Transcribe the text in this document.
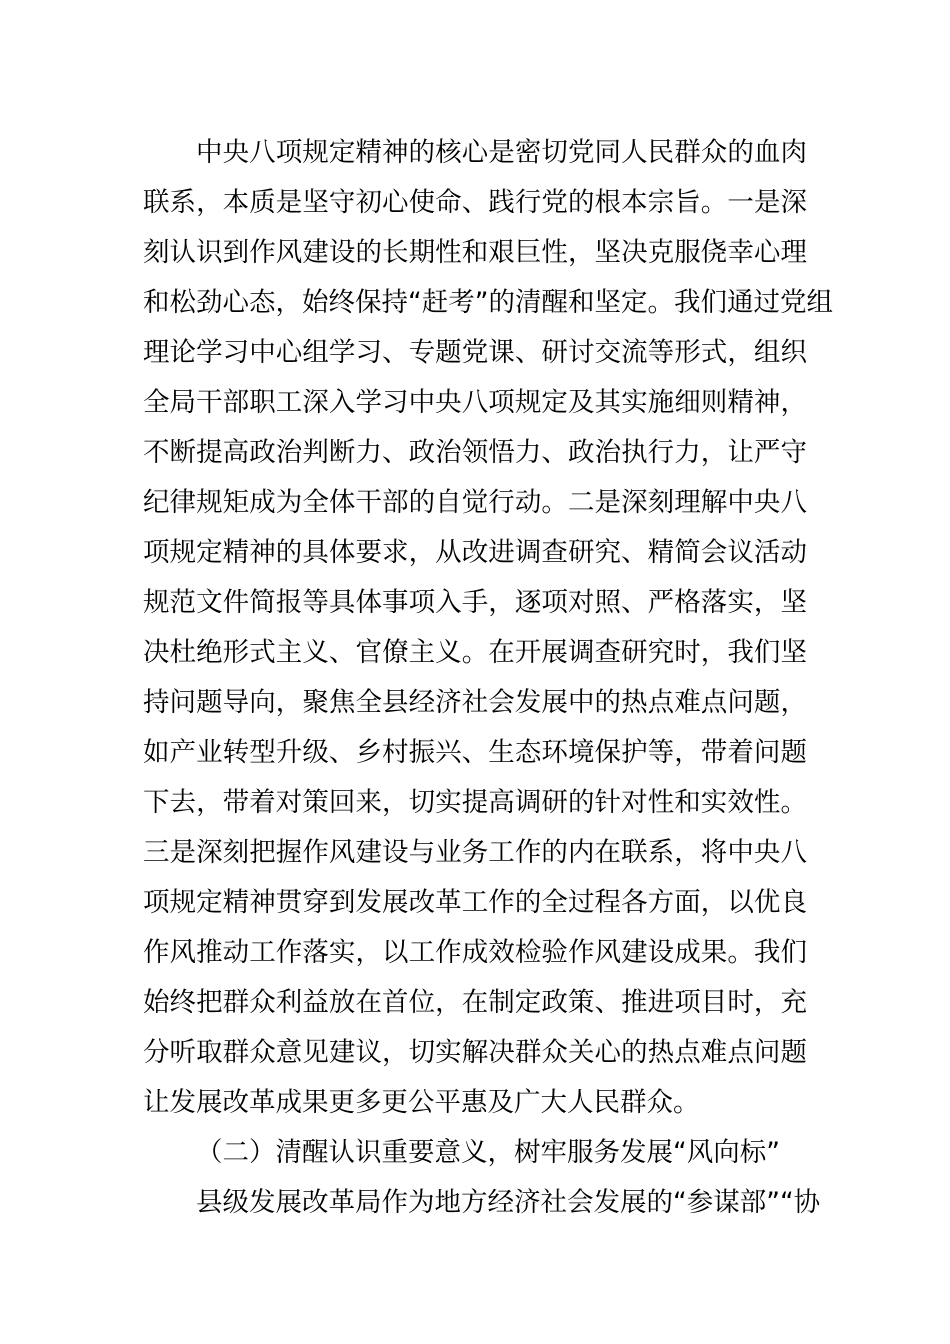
中央八项规定精神的核心是密切党同人民群众的血肉
联系，本质是坚守初心使命、践行党的根本宗旨。一是深
刻认识到作风建设的长期性和艰巨性，坚决克服侥幸心理
和松劲心态，始终保持“赶考”的清醒和坚定。我们通过党组
理论学习中心组学习、专题党课、研讨交流等形式，组织
全局干部职工深入学习中央八项规定及其实施细则精神，
不断提高政治判断力、政治领悟力、政治执行力，让严守
纪律规矩成为全体干部的自觉行动。二是深刻理解中央八
项规定精神的具体要求，从改进调查研究、精简会议活动
规范文件简报等具体事项入手，逐项对照、严格落实，坚
决杜绝形式主义、官僚主义。在开展调查研究时，我们坚
持问题导向，聚焦全县经济社会发展中的热点难点问题，
如产业转型升级、乡村振兴、生态环境保护等，带着问题
下去，带着对策回来，切实提高调研的针对性和实效性。
三是深刻把握作风建设与业务工作的内在联系，将中央八
项规定精神贯穿到发展改革工作的全过程各方面，以优良
作风推动工作落实，以工作成效检验作风建设成果。我们
始终把群众利益放在首位，在制定政策、推进项目时，充
分听取群众意见建议，切实解决群众关心的热点难点问题
让发展改革成果更多更公平惠及广大人民群众。
（二）清醒认识重要意义，树牢服务发展“风向标”
县级发展改革局作为地方经济社会发展的“参谋部”“协
